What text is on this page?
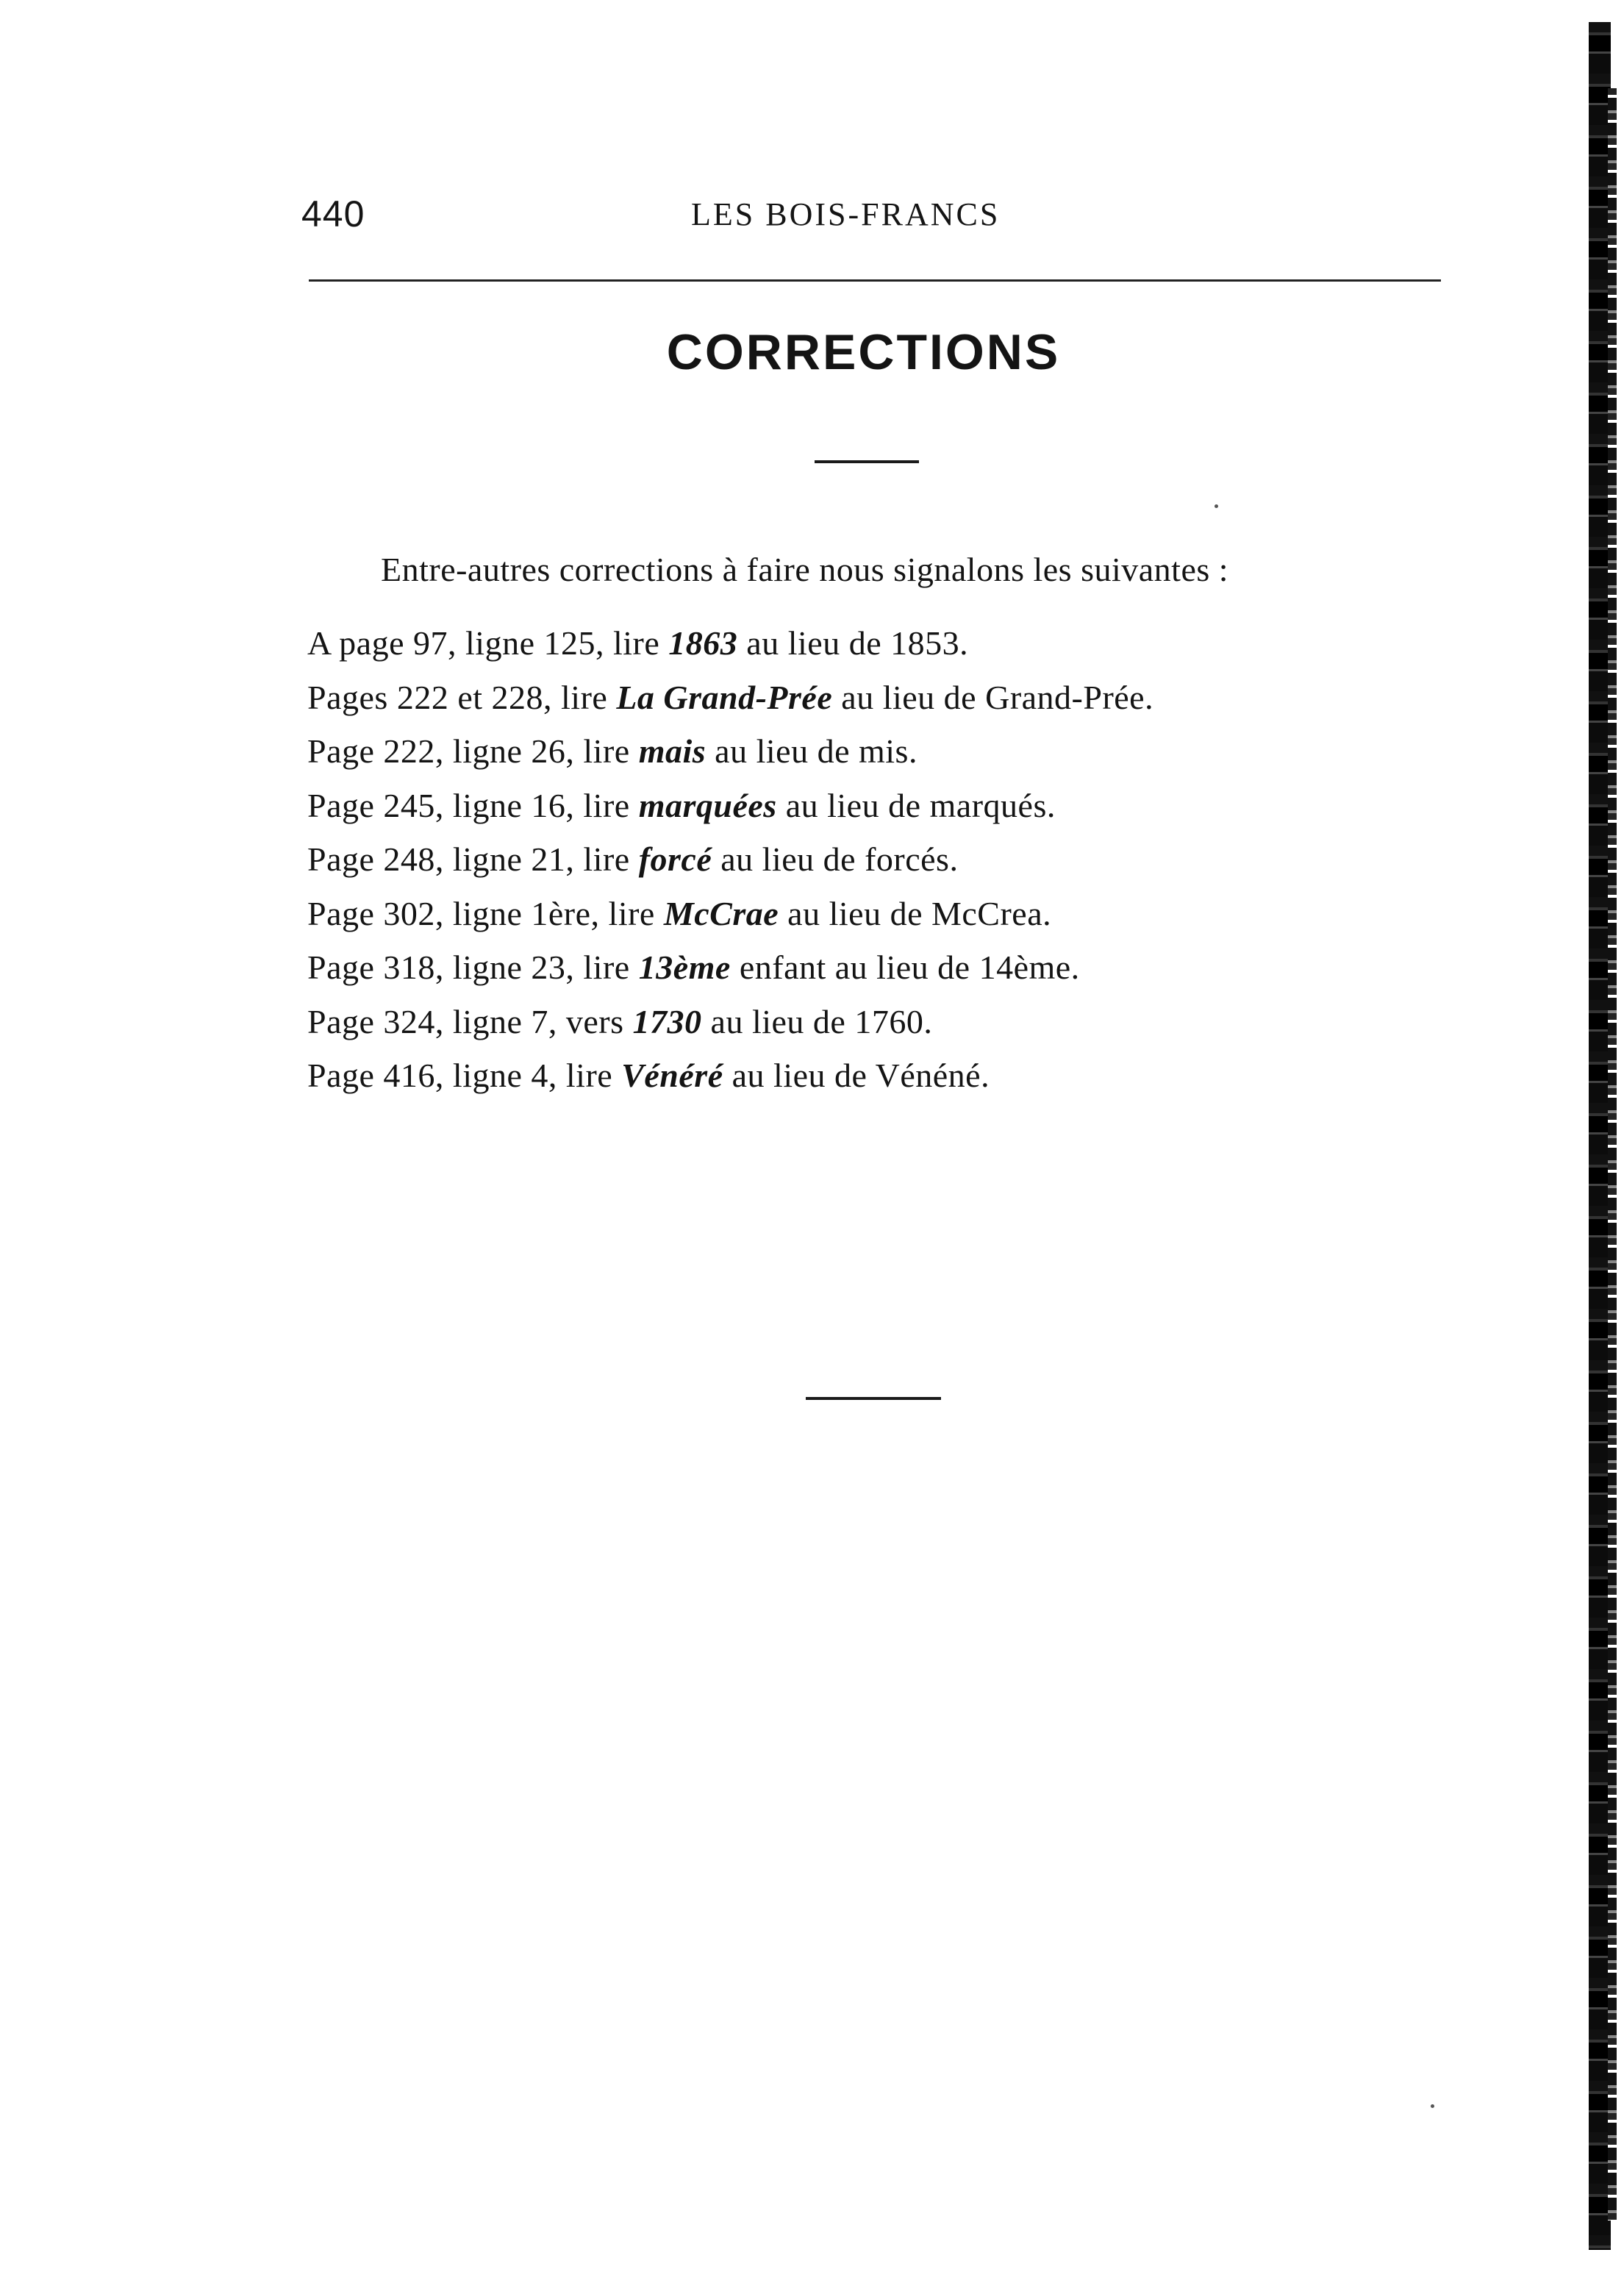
440	LES BOIS-FRANCS
CORRECTIONS
Entre-autres corrections à faire nous signalons les suivantes :
A page 97, ligne 125, lire 1863 au lieu de 1853.
Pages 222 et 228, lire La Grand-Prée au lieu de Grand-Prée.
Page 222, ligne 26, lire mais au lieu de mis.
Page 245, ligne 16, lire marquées au lieu de marqués.
Page 248, ligne 21, lire forcé au lieu de forcés.
Page 302, ligne 1ère, lire McCrae au lieu de McCrea.
Page 318, ligne 23, lire 13ème enfant au lieu de 14ème.
Page 324, ligne 7, vers 1730 au lieu de 1760.
Page 416, ligne 4, lire Vénéré au lieu de Vénéné.
